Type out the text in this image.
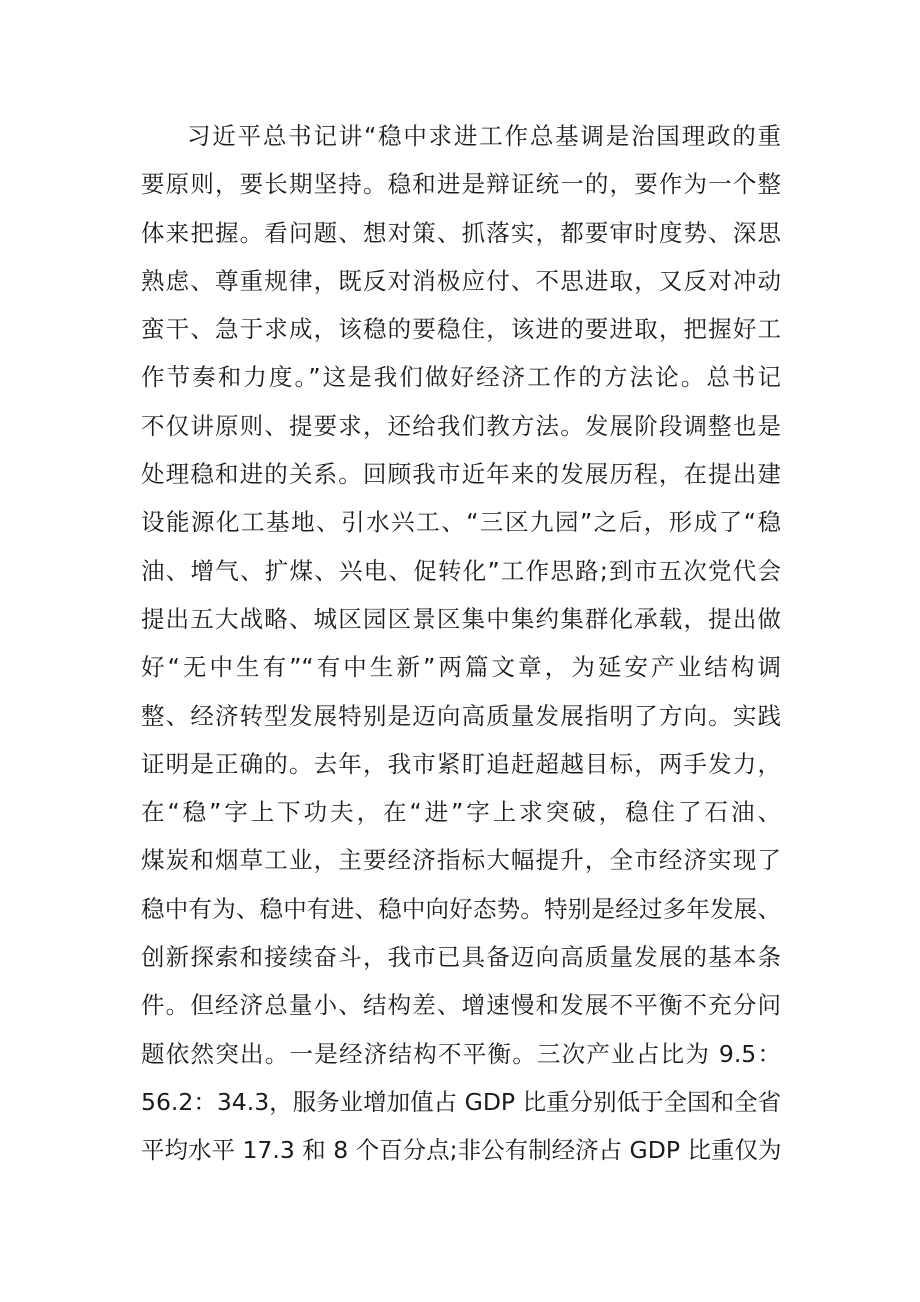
习近平总书记讲“稳中求进工作总基调是治国理政的重
要原则，要长期坚持。稳和进是辩证统一的，要作为一个整
体来把握。看问题、想对策、抓落实，都要审时度势、深思
熟虑、尊重规律，既反对消极应付、不思进取，又反对冲动
蛮干、急于求成，该稳的要稳住，该进的要进取，把握好工
作节奏和力度。”这是我们做好经济工作的方法论。总书记
不仅讲原则、提要求，还给我们教方法。发展阶段调整也是
处理稳和进的关系。回顾我市近年来的发展历程，在提出建
设能源化工基地、引水兴工、“三区九园”之后，形成了“稳
油、增气、扩煤、兴电、促转化”工作思路;到市五次党代会
提出五大战略、城区园区景区集中集约集群化承载，提出做
好“无中生有”“有中生新”两篇文章，为延安产业结构调
整、经济转型发展特别是迈向高质量发展指明了方向。实践
证明是正确的。去年，我市紧盯追赶超越目标，两手发力，
在“稳”字上下功夫，在“进”字上求突破，稳住了石油、
煤炭和烟草工业，主要经济指标大幅提升，全市经济实现了
稳中有为、稳中有进、稳中向好态势。特别是经过多年发展、
创新探索和接续奋斗，我市已具备迈向高质量发展的基本条
件。但经济总量小、结构差、增速慢和发展不平衡不充分问
题依然突出。一是经济结构不平衡。三次产业占比为 9.5：
56.2：34.3，服务业增加值占 GDP 比重分别低于全国和全省
平均水平 17.3 和 8 个百分点;非公有制经济占 GDP 比重仅为
